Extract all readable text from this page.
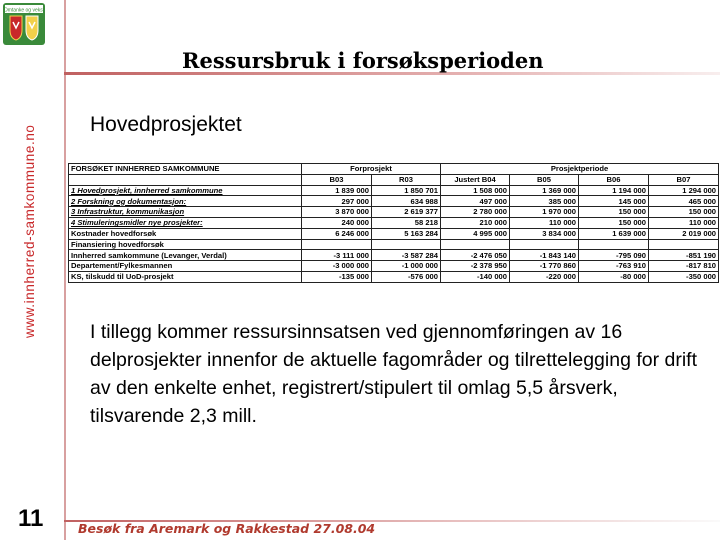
Omtanke og vekst
www.innherred-samkommune.no
11
Ressursbruk i forsøksperioden
Hovedprosjektet
FORSØKET INNHERRED SAMKOMMUNE	Forprosjekt		Prosjektperiode			
	B03	R03	Justert B04	B05	B06	B07
1 Hovedprosjekt, innherred samkommune	1 839 000	1 850 701	1 508 000	1 369 000	1 194 000	1 294 000
2 Forskning og dokumentasjon:	297 000	634 988	497 000	385 000	145 000	465 000
3 Infrastruktur, kommunikasjon	3 870 000	2 619 377	2 780 000	1 970 000	150 000	150 000
4 Stimuleringsmidler nye prosjekter:	240 000	58 218	210 000	110 000	150 000	110 000
Kostnader hovedforsøk	6 246 000	5 163 284	4 995 000	3 834 000	1 639 000	2 019 000
Finansiering hovedforsøk						
Innherred samkommune (Levanger, Verdal)	-3 111 000	-3 587 284	-2 476 050	-1 843 140	-795 090	-851 190
Departement/Fylkesmannen	-3 000 000	-1 000 000	-2 378 950	-1 770 860	-763 910	-817 810
KS, tilskudd til UoD-prosjekt	-135 000	-576 000	-140 000	-220 000	-80 000	-350 000
I tillegg kommer ressursinnsatsen ved gjennomføringen av 16 delprosjekter innenfor de aktuelle fagområder og tilrettelegging for drift av den enkelte enhet, registrert/stipulert til omlag 5,5 årsverk, tilsvarende 2,3 mill.
Besøk fra Aremark og Rakkestad 27.08.04
